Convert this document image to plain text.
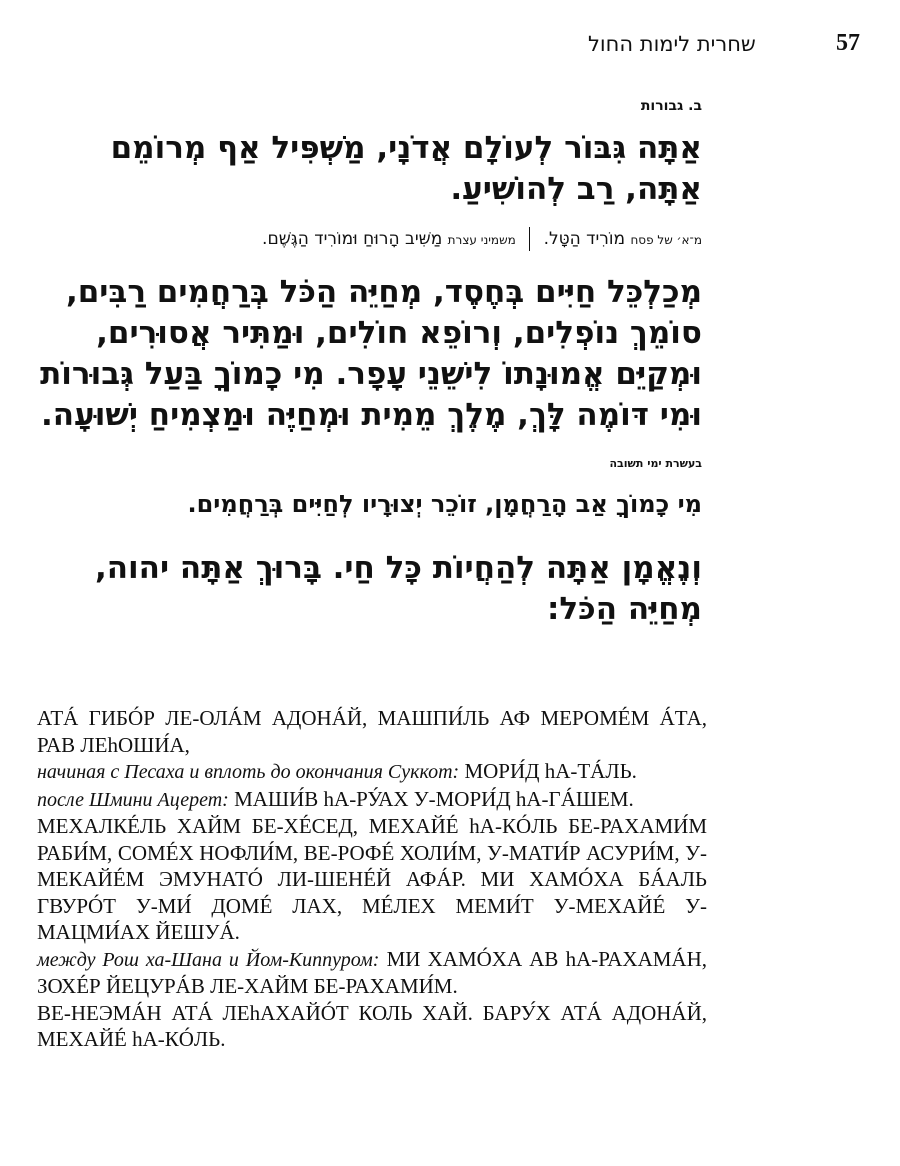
שחרית לימות החול	57
ב. גבורות
אַתָּה גִּבּוֹר לְעוֹלָם אֲדֹנָי, מַשְׁפִּיל אַף מְרוֹמֵם אַתָּה, רַב לְהוֹשִׁיעַ.
מ־א׳ של פסח מוֹרִיד הַטָּל.  משמיני עצרת מַשִּׁיב הָרוּחַ וּמוֹרִיד הַגֶּשֶׁם.
מְכַלְכֵּל חַיִּים בְּחֶסֶד, מְחַיֵּה הַכֹּל בְּרַחֲמִים רַבִּים, סוֹמֵךְ נוֹפְלִים, וְרוֹפֵא חוֹלִים, וּמַתִּיר אֲסוּרִים, וּמְקַיֵּם אֱמוּנָתוֹ לִישֵׁנֵי עָפָר. מִי כָמוֹךָ בַּעַל גְּבוּרוֹת וּמִי דּוֹמֶה לָּךְ, מֶלֶךְ מֵמִית וּמְחַיֶּה וּמַצְמִיחַ יְשׁוּעָה.
בעשרת ימי תשובה
מִי כָמוֹךָ אַב הָרַחֲמָן, זוֹכֵר יְצוּרָיו לְחַיִּים בְּרַחֲמִים.
וְנֶאֱמָן אַתָּה לְהַחֲיוֹת כָּל חַי. בָּרוּךְ אַתָּה יהוה, מְחַיֵּה הַכֹּל:

АТÁ ГИБÓР ЛЕ-ОЛÁМ АДОНÁЙ, МАШПИ́ЛЬ АФ МЕРОМÉМ ÁТА, РАВ ЛЕhОШИ́А,

начиная с Песаха и вплоть до окончания Суккот: МОРИ́Д hА-ТÁЛЬ.

после Шмини Ацерет: МАШИ́В hА-РУ́АХ У-МОРИ́Д hА-ГÁШЕМ.

МЕХАЛКÉЛЬ ХАЙМ БЕ-ХÉСЕД, МЕХАЙÉ hА-КÓЛЬ БЕ-РАХАМИ́М РАБИ́М, СОМÉХ НОФЛИ́М, ВЕ-РОФÉ ХОЛИ́М, У-МАТИ́Р АСУРИ́М, У-МЕКАЙÉМ ЭМУНАТÓ ЛИ-ШЕНÉЙ АФÁР. МИ ХАМÓХА БÁАЛЬ ГВУРÓТ У-МИ́ ДОМÉ ЛАХ, МÉЛЕХ МЕМИ́Т У-МЕХАЙÉ У-МАЦМИ́АХ ЙЕШУÁ.

между Рош ха-Шана и Йом-Киппуром: МИ ХАМÓХА АВ hА-РАХАМÁН, ЗОХÉР ЙЕЦУРÁВ ЛЕ-ХАЙМ БЕ-РАХАМИ́М.

ВЕ-НЕЭМÁН АТÁ ЛЕhАХАЙÓТ КОЛЬ ХАЙ. БАРУ́Х АТÁ АДОНÁЙ, МЕХАЙÉ hА-КÓЛЬ.
